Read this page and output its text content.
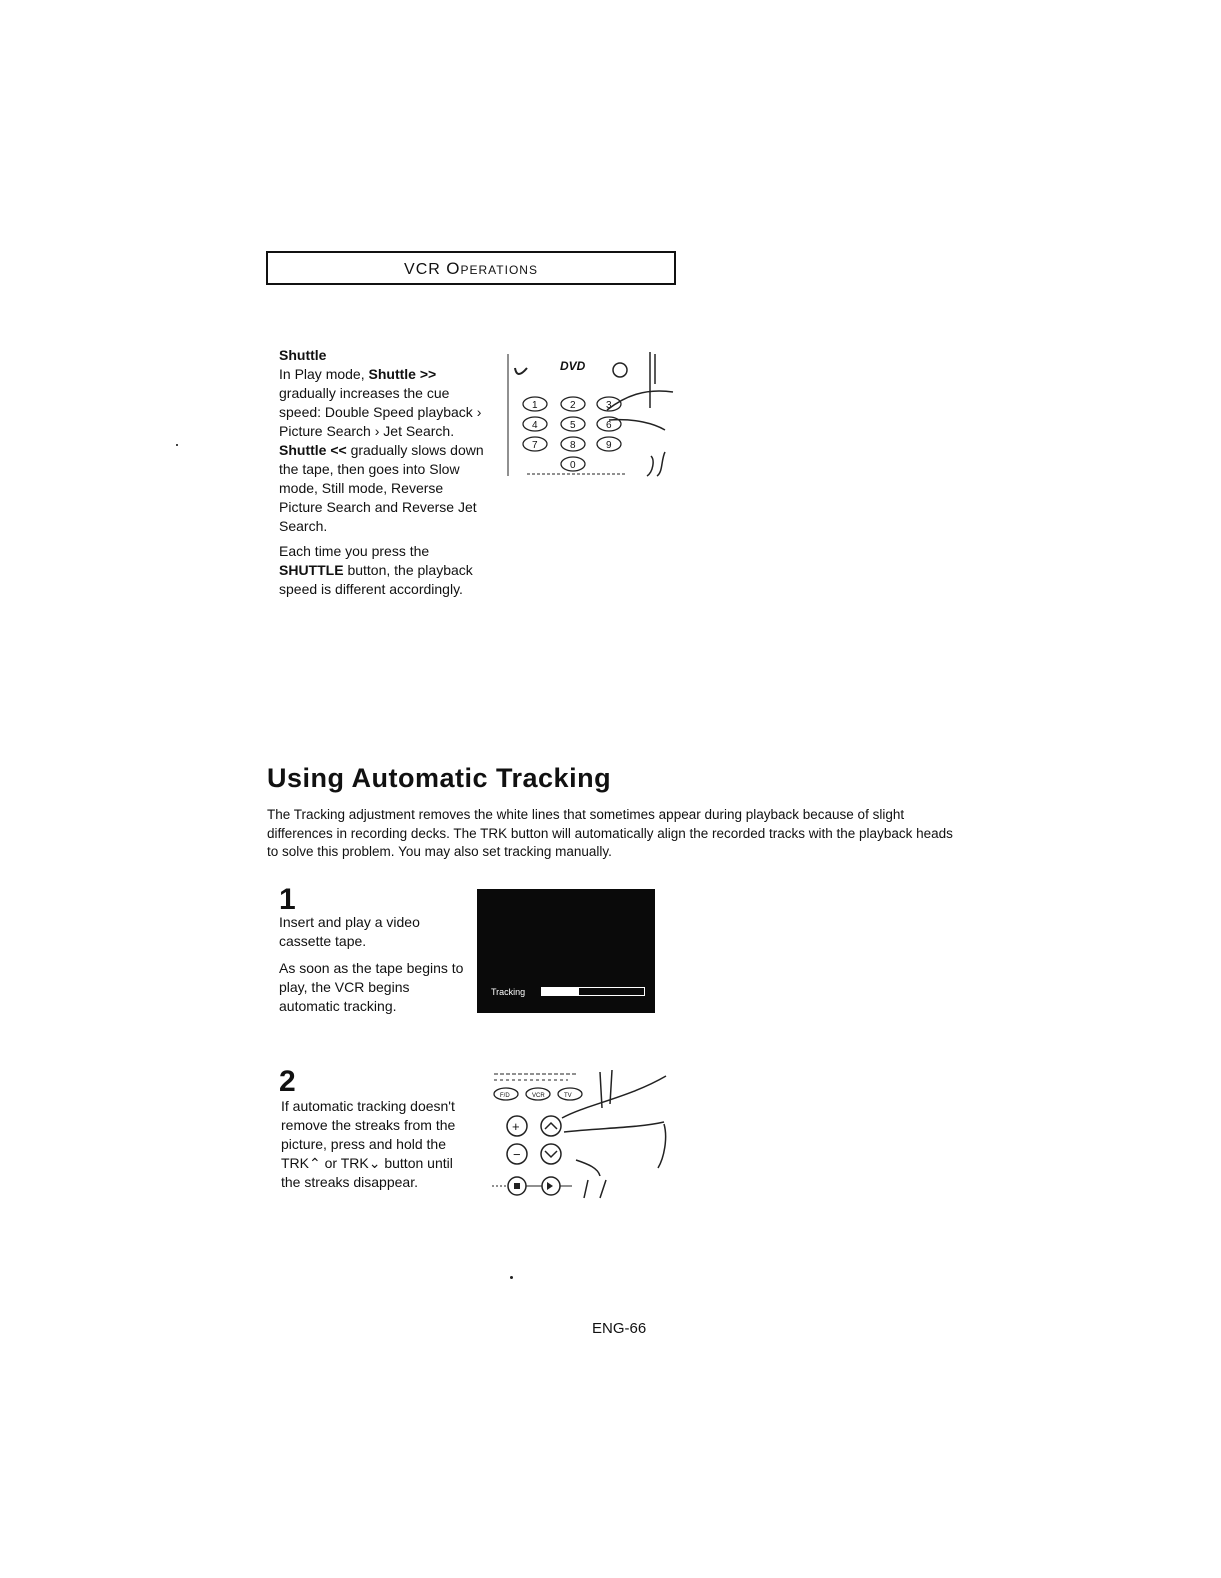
VCR OPERATIONS

Shuttle

In Play mode, Shuttle >> gradually increases the cue speed: Double Speed playback › Picture Search › Jet Search.

Shuttle << gradually slows down the tape, then goes into Slow mode, Still mode, Reverse Picture Search and Reverse Jet Search.

Each time you press the SHUTTLE button, the playback speed is different accordingly.

DVD
1	2	3
4	5	6
7	8	9
0
Using Automatic Tracking
The Tracking adjustment removes the white lines that sometimes appear during playback because of slight differences in recording decks. The TRK button will automatically align the recorded tracks with the playback heads to solve this problem. You may also set tracking manually.
1

Insert and play a video cassette tape.

As soon as the tape begins to play, the VCR begins automatic tracking.

Tracking
2

If automatic tracking doesn't remove the streaks from the picture, press and hold the TRK⌃ or TRK⌄ button until the streaks disappear.

F/D	VCR	TV
+
−
ENG-66
